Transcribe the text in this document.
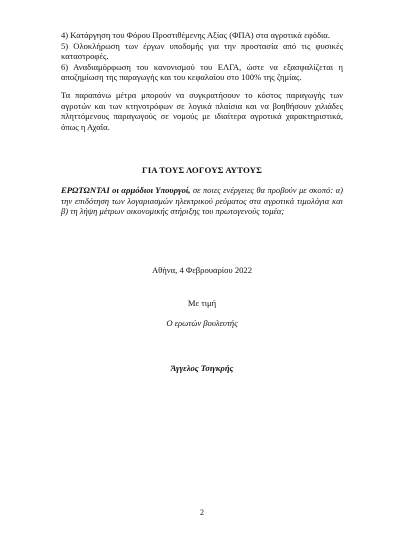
4) Κατάργηση του Φόρου Προστιθέμενης Αξίας (ΦΠΑ) στα αγροτικά εφόδια.

5) Ολοκλήρωση των έργων υποδομής για την προστασία από τις φυσικές καταστροφές.

6) Αναδιαμόρφωση του κανονισμού του ΕΛΓΑ, ώστε να εξασφαλίζεται η αποζημίωση της παραγωγής και του κεφαλαίου στο 100% της ζημίας.

Τα παραπάνω μέτρα μπορούν να συγκρατήσουν το κόστος παραγωγής των αγροτών και των κτηνοτρόφων σε λογικά πλαίσια και να βοηθήσουν χιλιάδες πληττόμενους παραγωγούς σε νομούς με ιδιαίτερα αγροτικά χαρακτηριστικά, όπως η Αχαΐα.

ΓΙΑ ΤΟΥΣ ΛΟΓΟΥΣ ΑΥΤΟΥΣ

ΕΡΩΤΩΝΤΑΙ οι αρμόδιοι Υπουργοί, σε ποιες ενέργειες θα προβούν με σκοπό: α) την επιδότηση των λογαριασμών ηλεκτρικού ρεύματος στα αγροτικά τιμολόγια και β) τη λήψη μέτρων οικονομικής στήριξης του πρωτογενούς τομέα;

Αθήνα, 4 Φεβρουαρίου 2022

Με τιμή

Ο ερωτών βουλευτής

Άγγελος Τσιγκρής

2
